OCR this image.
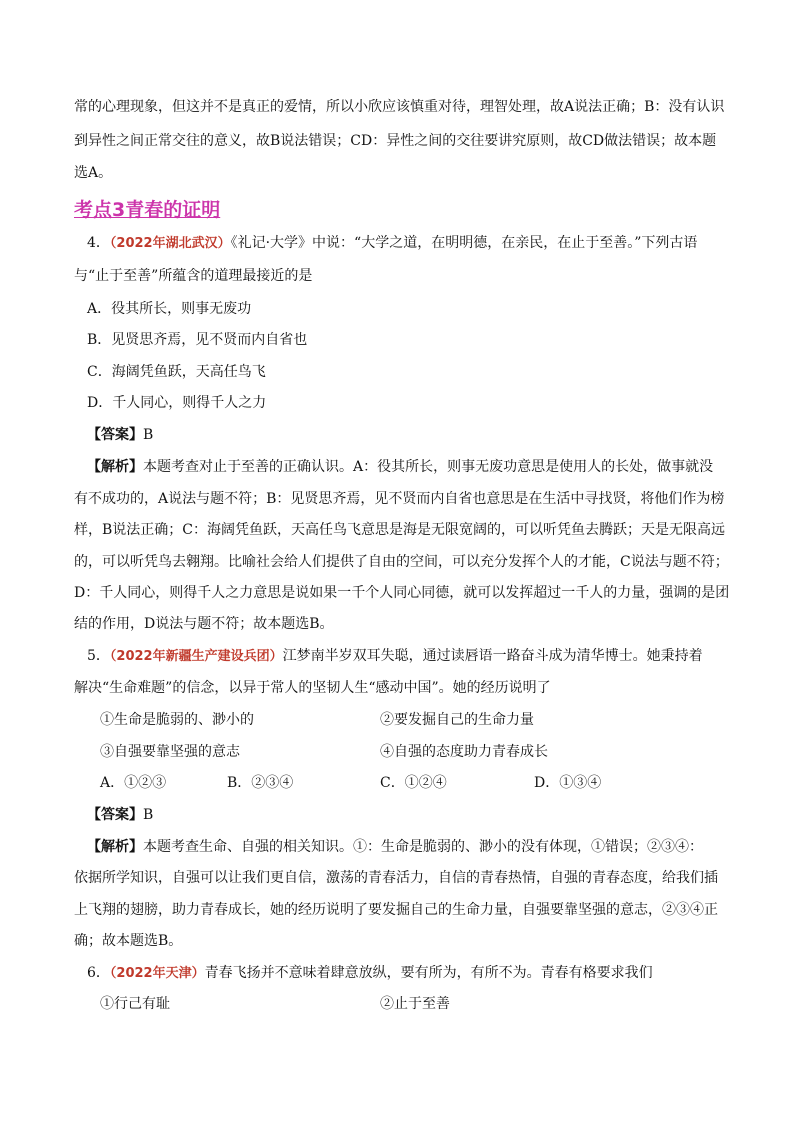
常的心理现象，但这并不是真正的爱情，所以小欣应该慎重对待，理智处理，故A说法正确；B：没有认识
到异性之间正常交往的意义，故B说法错误；CD：异性之间的交往要讲究原则，故CD做法错误；故本题
选A。
考点3青春的证明
4．（2022年湖北武汉）《礼记·大学》中说：“大学之道，在明明德，在亲民，在止于至善。”下列古语
与“止于至善”所蕴含的道理最接近的是
A．役其所长，则事无废功
B．见贤思齐焉，见不贤而内自省也
C．海阔凭鱼跃，天高任鸟飞
D．千人同心，则得千人之力
【答案】B
【解析】本题考查对止于至善的正确认识。A：役其所长，则事无废功意思是使用人的长处，做事就没
有不成功的，A说法与题不符；B：见贤思齐焉，见不贤而内自省也意思是在生活中寻找贤，将他们作为榜
样，B说法正确；C：海阔凭鱼跃，天高任鸟飞意思是海是无限宽阔的，可以听凭鱼去腾跃；天是无限高远
的，可以听凭鸟去翱翔。比喻社会给人们提供了自由的空间，可以充分发挥个人的才能，C说法与题不符；
D：千人同心，则得千人之力意思是说如果一千个人同心同德，就可以发挥超过一千人的力量，强调的是团
结的作用，D说法与题不符；故本题选B。
5．（2022年新疆生产建设兵团）江梦南半岁双耳失聪，通过读唇语一路奋斗成为清华博士。她秉持着
解决“生命难题”的信念，以异于常人的坚韧人生“感动中国”。她的经历说明了
①生命是脆弱的、渺小的	②要发掘自己的生命力量
③自强要靠坚强的意志	④自强的态度助力青春成长
A．①②③	B．②③④	C．①②④	D．①③④
【答案】B
【解析】本题考查生命、自强的相关知识。①：生命是脆弱的、渺小的没有体现，①错误；②③④：
依据所学知识，自强可以让我们更自信，激荡的青春活力，自信的青春热情，自强的青春态度，给我们插
上飞翔的翅膀，助力青春成长，她的经历说明了要发掘自己的生命力量，自强要靠坚强的意志，②③④正
确；故本题选B。
6．（2022年天津）青春飞扬并不意味着肆意放纵，要有所为，有所不为。青春有格要求我们
①行己有耻	②止于至善
